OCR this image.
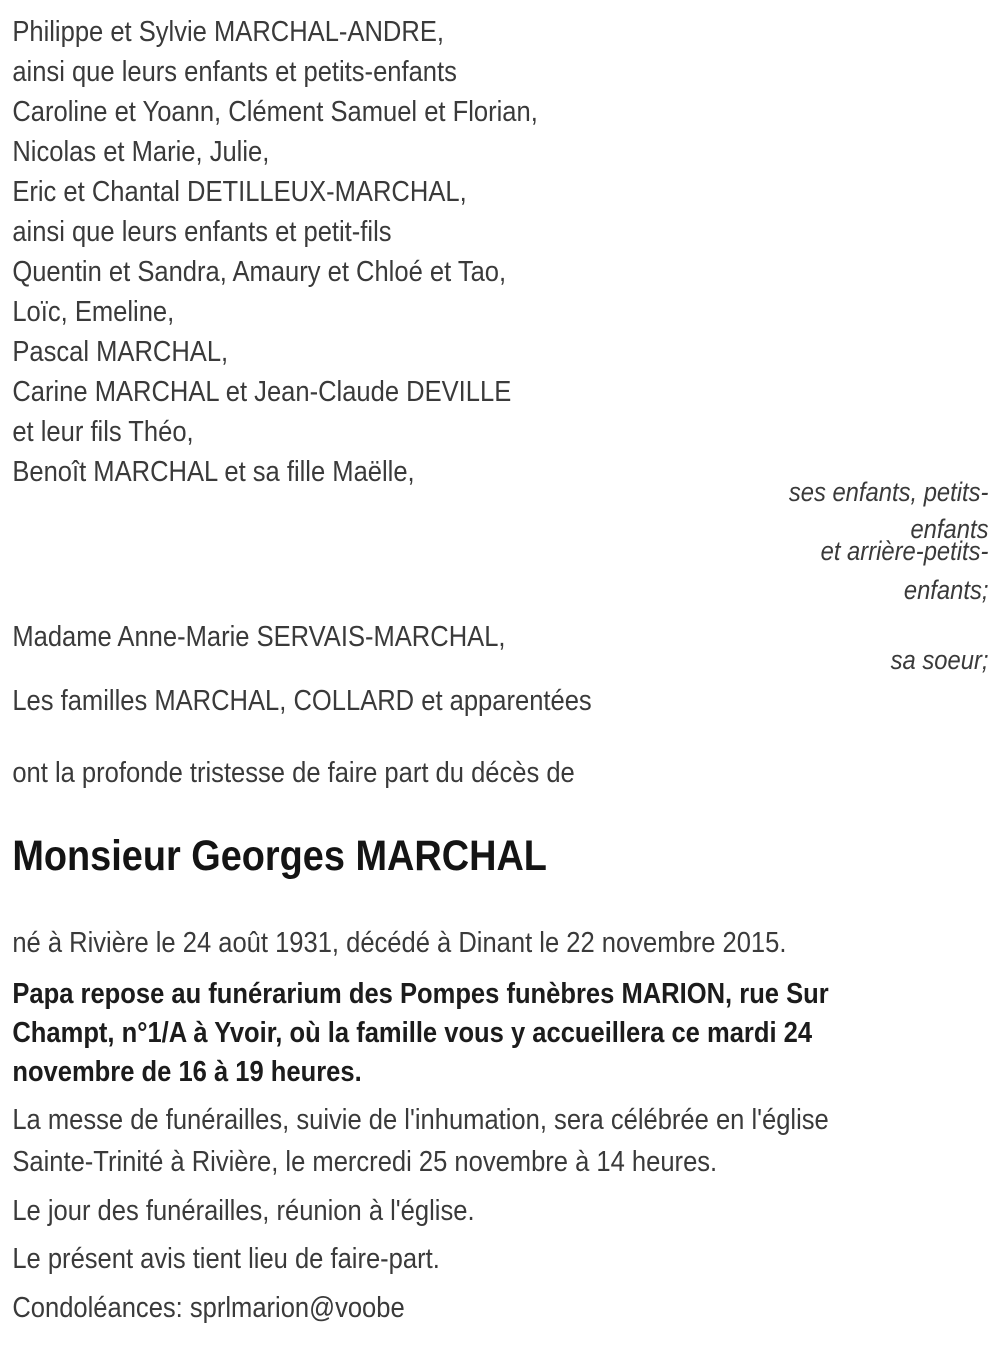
Philippe et Sylvie MARCHAL-ANDRE,
ainsi que leurs enfants et petits-enfants
Caroline et Yoann, Clément Samuel et Florian,
Nicolas et Marie, Julie,
Eric et Chantal DETILLEUX-MARCHAL,
ainsi que leurs enfants et petit-fils
Quentin et Sandra, Amaury et Chloé et Tao,
Loïc, Emeline,
Pascal MARCHAL,
Carine MARCHAL et Jean-Claude DEVILLE
et leur fils Théo,
Benoît MARCHAL et sa fille Maëlle,
ses enfants, petits-
enfants
et arrière-petits-
enfants;
Madame Anne-Marie SERVAIS-MARCHAL,
sa soeur;
Les familles MARCHAL, COLLARD et apparentées
ont la profonde tristesse de faire part du décès de
Monsieur Georges MARCHAL
né à Rivière le 24 août 1931, décédé à Dinant le 22 novembre 2015.
Papa repose au funérarium des Pompes funèbres MARION, rue Sur
Champt, n°1/A à Yvoir, où la famille vous y accueillera ce mardi 24
novembre de 16 à 19 heures.
La messe de funérailles, suivie de l'inhumation, sera célébrée en l'église
Sainte-Trinité à Rivière, le mercredi 25 novembre à 14 heures.
Le jour des funérailles, réunion à l'église.
Le présent avis tient lieu de faire-part.
Condoléances: sprlmarion@voobe
